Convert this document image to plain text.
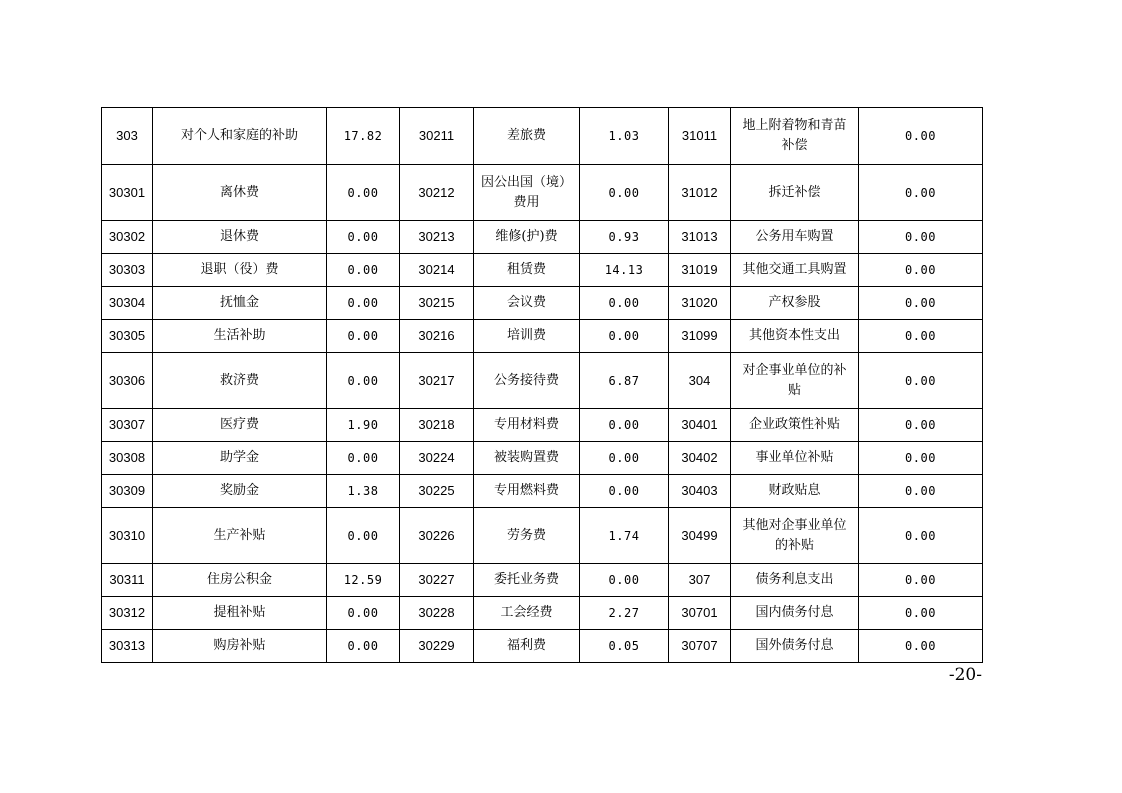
303	对个人和家庭的补助	17.82	30211	差旅费	1.03	31011	地上附着物和青苗补偿	0.00
30301	离休费	0.00	30212	因公出国（境）费用	0.00	31012	拆迁补偿	0.00
30302	退休费	0.00	30213	维修(护)费	0.93	31013	公务用车购置	0.00
30303	退职（役）费	0.00	30214	租赁费	14.13	31019	其他交通工具购置	0.00
30304	抚恤金	0.00	30215	会议费	0.00	31020	产权参股	0.00
30305	生活补助	0.00	30216	培训费	0.00	31099	其他资本性支出	0.00
30306	救济费	0.00	30217	公务接待费	6.87	304	对企事业单位的补贴	0.00
30307	医疗费	1.90	30218	专用材料费	0.00	30401	企业政策性补贴	0.00
30308	助学金	0.00	30224	被装购置费	0.00	30402	事业单位补贴	0.00
30309	奖励金	1.38	30225	专用燃料费	0.00	30403	财政贴息	0.00
30310	生产补贴	0.00	30226	劳务费	1.74	30499	其他对企事业单位的补贴	0.00
30311	住房公积金	12.59	30227	委托业务费	0.00	307	债务利息支出	0.00
30312	提租补贴	0.00	30228	工会经费	2.27	30701	国内债务付息	0.00
30313	购房补贴	0.00	30229	福利费	0.05	30707	国外债务付息	0.00
-20-
